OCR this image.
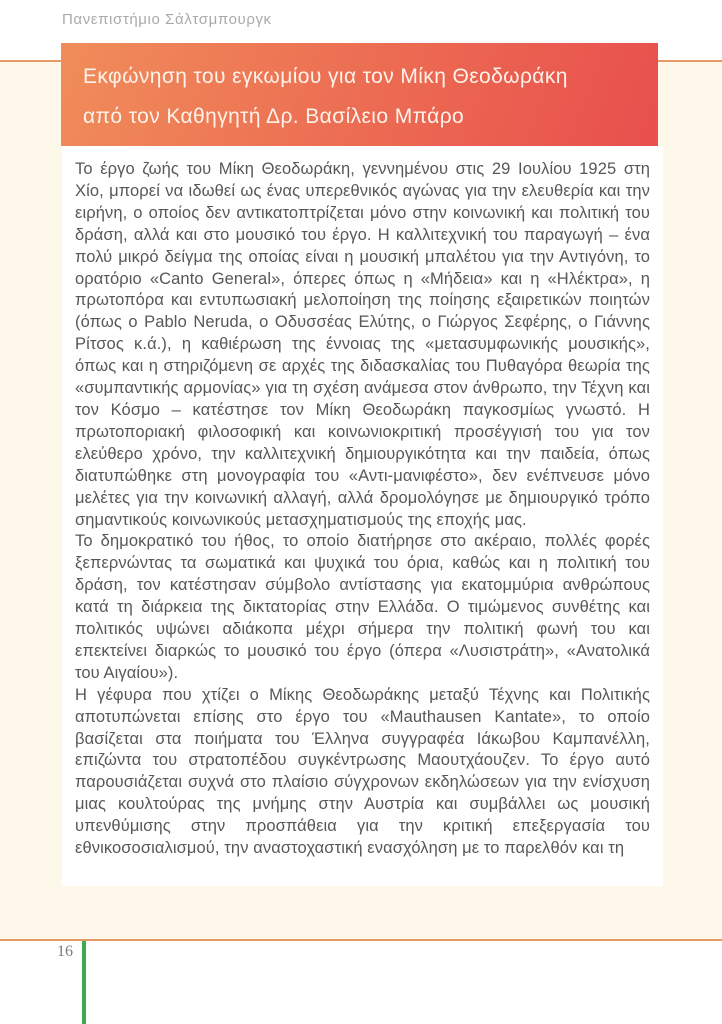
Πανεπιστήμιο Σάλτσμπουργκ
Εκφώνηση του εγκωμίου για τον Μίκη Θεοδωράκη
από τον Καθηγητή Δρ. Βασίλειο Μπάρο

Το έργο ζωής του Μίκη Θεοδωράκη, γεννημένου στις 29 Ιουλίου 1925 στη Χίο, μπορεί να ιδωθεί ως ένας υπερεθνικός αγώνας για την ελευθερία και την ειρήνη, ο οποίος δεν αντικατοπτρίζεται μόνο στην κοινωνική και πολιτική του δράση, αλλά και στο μουσικό του έργο. Η καλλιτεχνική του παραγωγή – ένα πολύ μικρό δείγμα της οποίας είναι η μουσική μπαλέτου για την Αντιγόνη, το ορατόριο «Canto General», όπερες όπως η «Μήδεια» και η «Ηλέκτρα», η πρωτοπόρα και εντυπωσιακή μελοποίηση της ποίησης εξαιρετικών ποιητών (όπως ο Pablo Neruda, ο Οδυσσέας Ελύτης, ο Γιώργος Σεφέρης, ο Γιάννης Ρίτσος κ.ά.), η καθιέρωση της έννοιας της «μετασυμφωνικής μουσικής», όπως και η στηριζόμενη σε αρχές της διδασκαλίας του Πυθαγόρα θεωρία της «συμπαντικής αρμονίας» για τη σχέση ανάμεσα στον άνθρωπο, την Τέχνη και τον Κόσμο – κατέστησε τον Μίκη Θεοδωράκη παγκοσμίως γνωστό. Η πρωτοποριακή φιλοσοφική και κοινωνιοκριτική προσέγγισή του για τον ελεύθερο χρόνο, την καλλιτεχνική δημιουργικότητα και την παιδεία, όπως διατυπώθηκε στη μονογραφία του «Αντι-μανιφέστο», δεν ενέπνευσε μόνο μελέτες για την κοινωνική αλλαγή, αλλά δρομολόγησε με δημιουργικό τρόπο σημαντικούς κοινωνικούς μετασχηματισμούς της εποχής μας.

Το δημοκρατικό του ήθος, το οποίο διατήρησε στο ακέραιο, πολλές φορές ξεπερνώντας τα σωματικά και ψυχικά του όρια, καθώς και η πολιτική του δράση, τον κατέστησαν σύμβολο αντίστασης για εκατομμύρια ανθρώπους κατά τη διάρκεια της δικτατορίας στην Ελλάδα. Ο τιμώμενος συνθέτης και πολιτικός υψώνει αδιάκοπα μέχρι σήμερα την πολιτική φωνή του και επεκτείνει διαρκώς το μουσικό του έργο (όπερα «Λυσιστράτη», «Ανατολικά του Αιγαίου»).

Η γέφυρα που χτίζει ο Μίκης Θεοδωράκης μεταξύ Τέχνης και Πολιτικής αποτυπώνεται επίσης στο έργο του «Mauthausen Kantate», το οποίο βασίζεται στα ποιήματα του Έλληνα συγγραφέα Ιάκωβου Καμπανέλλη, επιζώντα του στρατοπέδου συγκέντρωσης Μαουτχάουζεν. Το έργο αυτό παρουσιάζεται συχνά στο πλαίσιο σύγχρονων εκδηλώσεων για την ενίσχυση μιας κουλτούρας της μνήμης στην Αυστρία και συμβάλλει ως μουσική υπενθύμισης στην προσπάθεια για την κριτική επεξεργασία του εθνικοσοσιαλισμού, την αναστοχαστική ενασχόληση με το παρελθόν και τη

16
